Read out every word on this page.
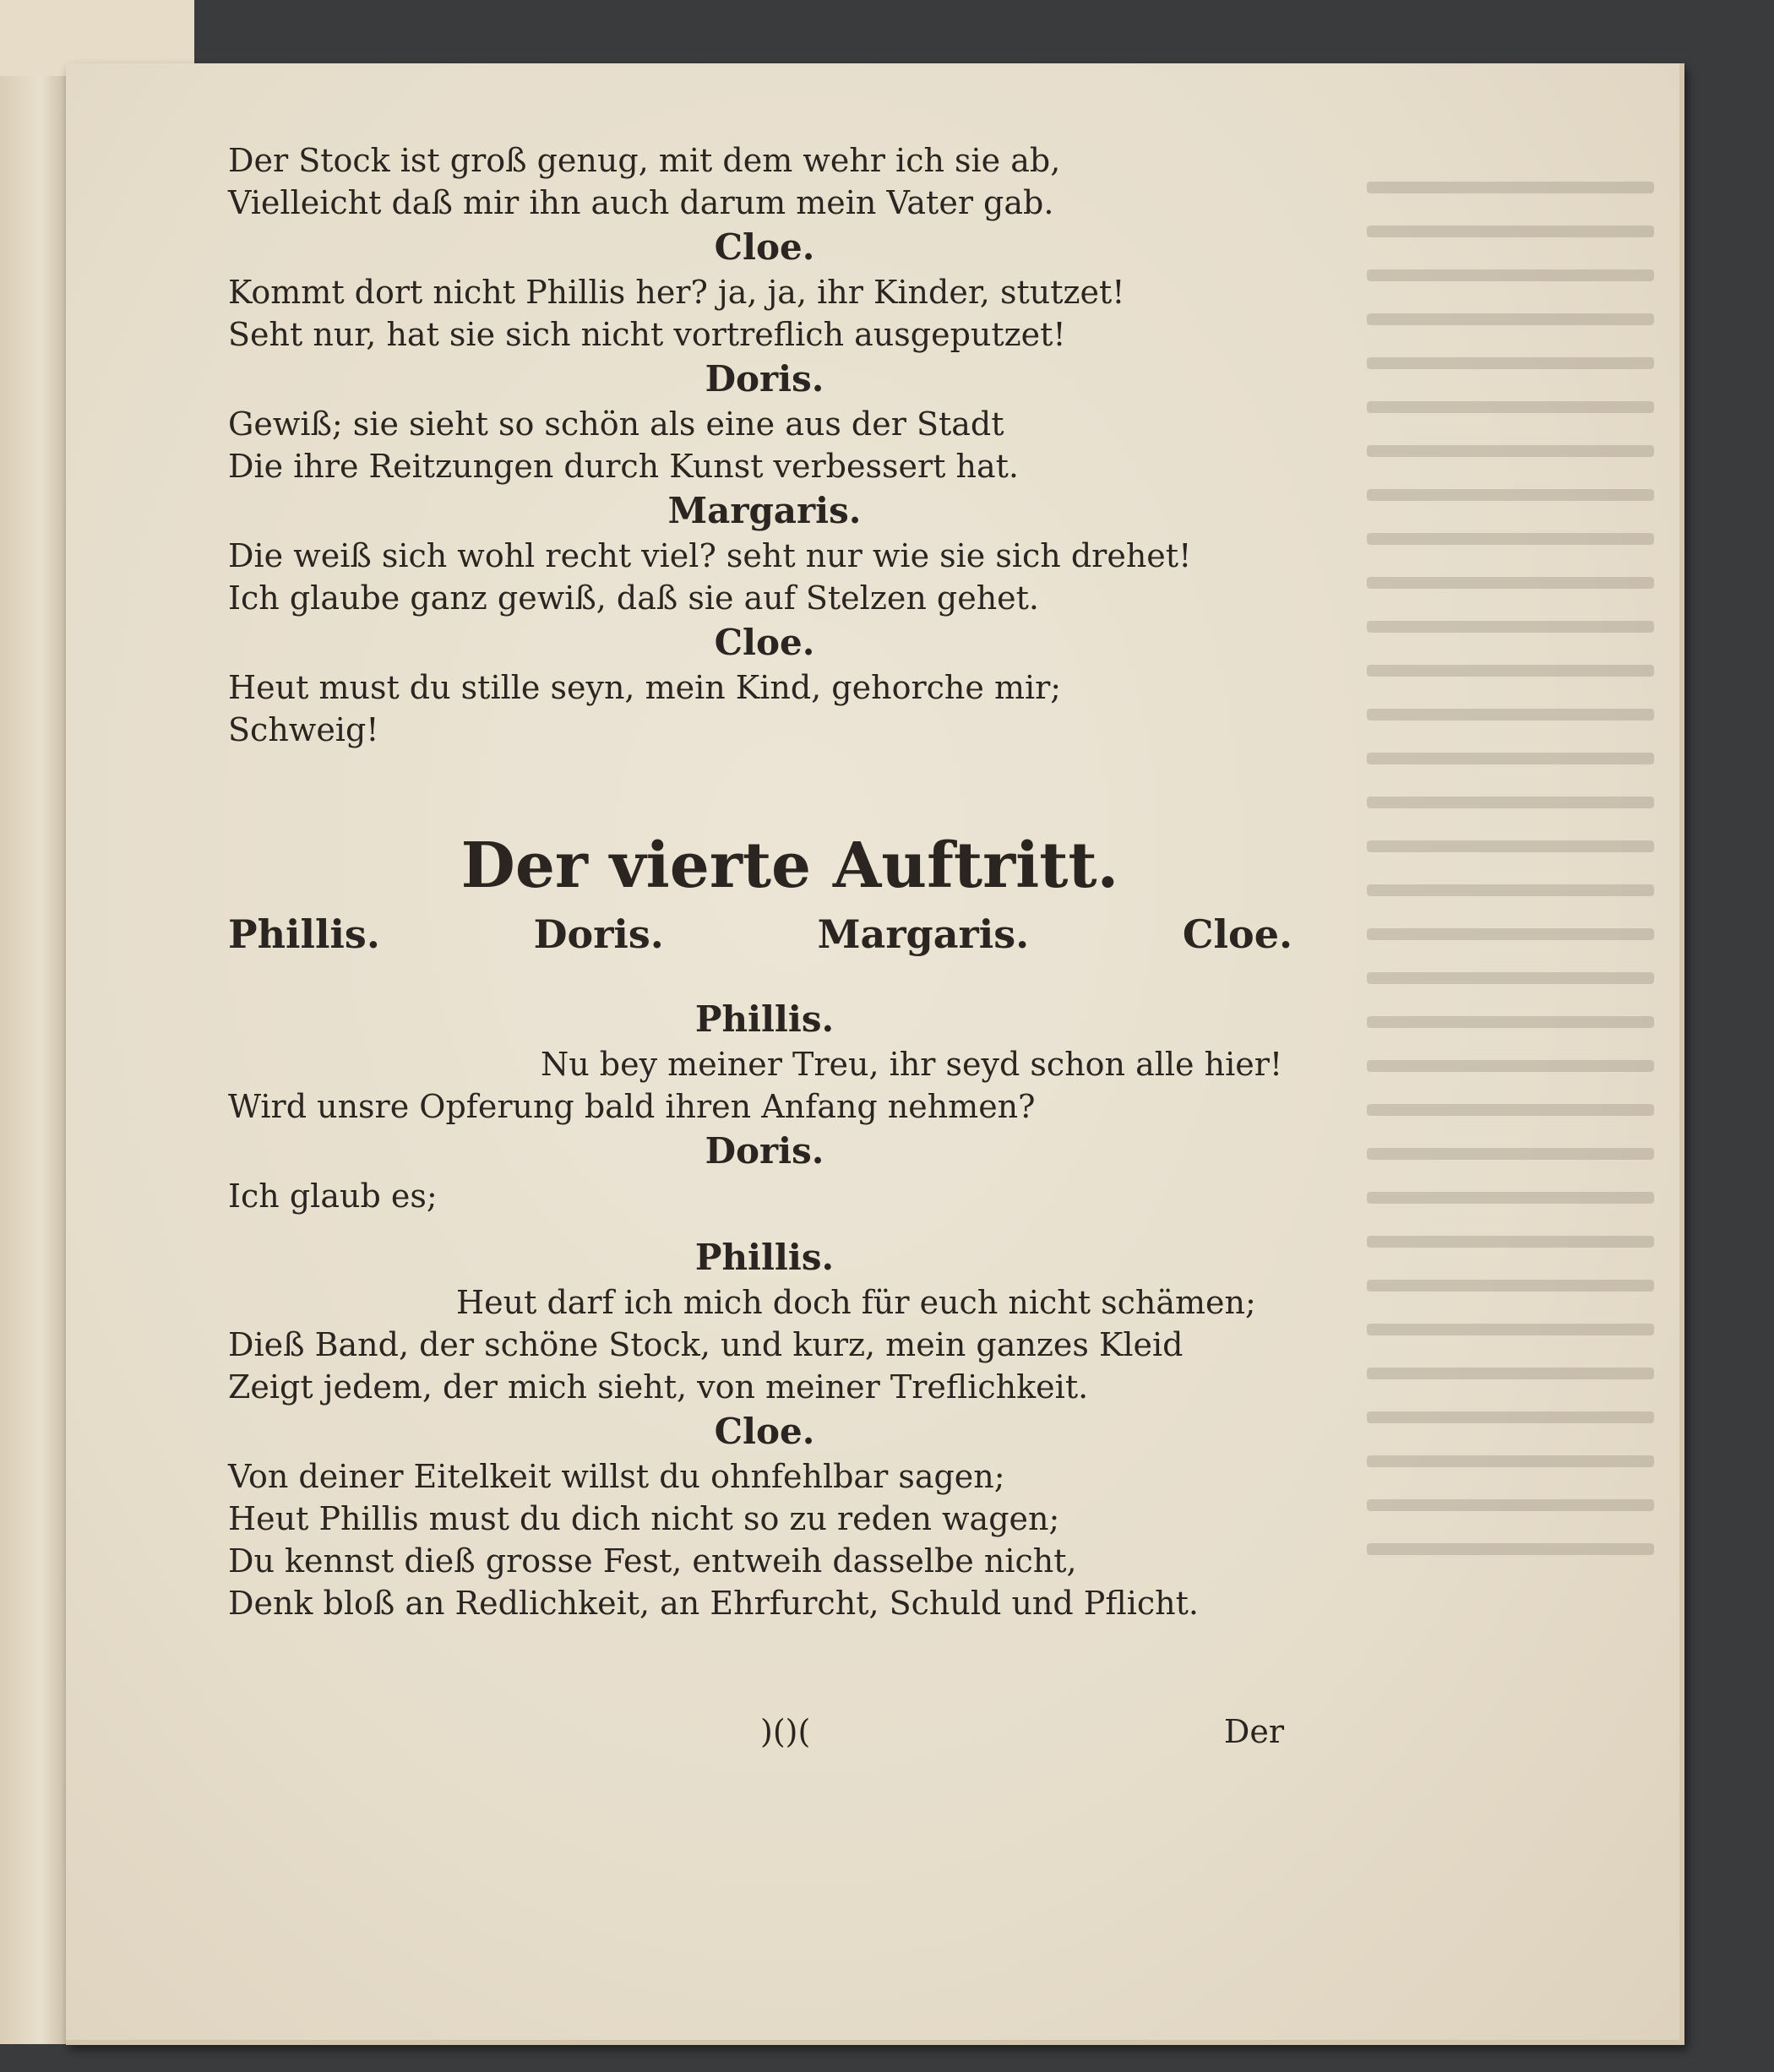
Der Stock ist groß genug, mit dem wehr ich sie ab,
Vielleicht daß mir ihn auch darum mein Vater gab.
Cloe.
Kommt dort nicht Phillis her? ja, ja, ihr Kinder, stutzet!
Seht nur, hat sie sich nicht vortreflich ausgeputzet!
Doris.
Gewiß; sie sieht so schön als eine aus der Stadt
Die ihre Reitzungen durch Kunst verbessert hat.
Margaris.
Die weiß sich wohl recht viel? seht nur wie sie sich drehet!
Ich glaube ganz gewiß, daß sie auf Stelzen gehet.
Cloe.
Heut must du stille seyn, mein Kind, gehorche mir;
Schweig!
Der vierte Auftritt.
Phillis.	Doris.	Margaris.	Cloe.
Phillis.
Nu bey meiner Treu, ihr seyd schon alle hier!
Wird unsre Opferung bald ihren Anfang nehmen?
Doris.
Ich glaub es;
Phillis.
Heut darf ich mich doch für euch nicht schämen;
Dieß Band, der schöne Stock, und kurz, mein ganzes Kleid
Zeigt jedem, der mich sieht, von meiner Treflichkeit.
Cloe.
Von deiner Eitelkeit willst du ohnfehlbar sagen;
Heut Phillis must du dich nicht so zu reden wagen;
Du kennst dieß grosse Fest, entweih dasselbe nicht,
Denk bloß an Redlichkeit, an Ehrfurcht, Schuld und Pflicht.
)()(	Der
